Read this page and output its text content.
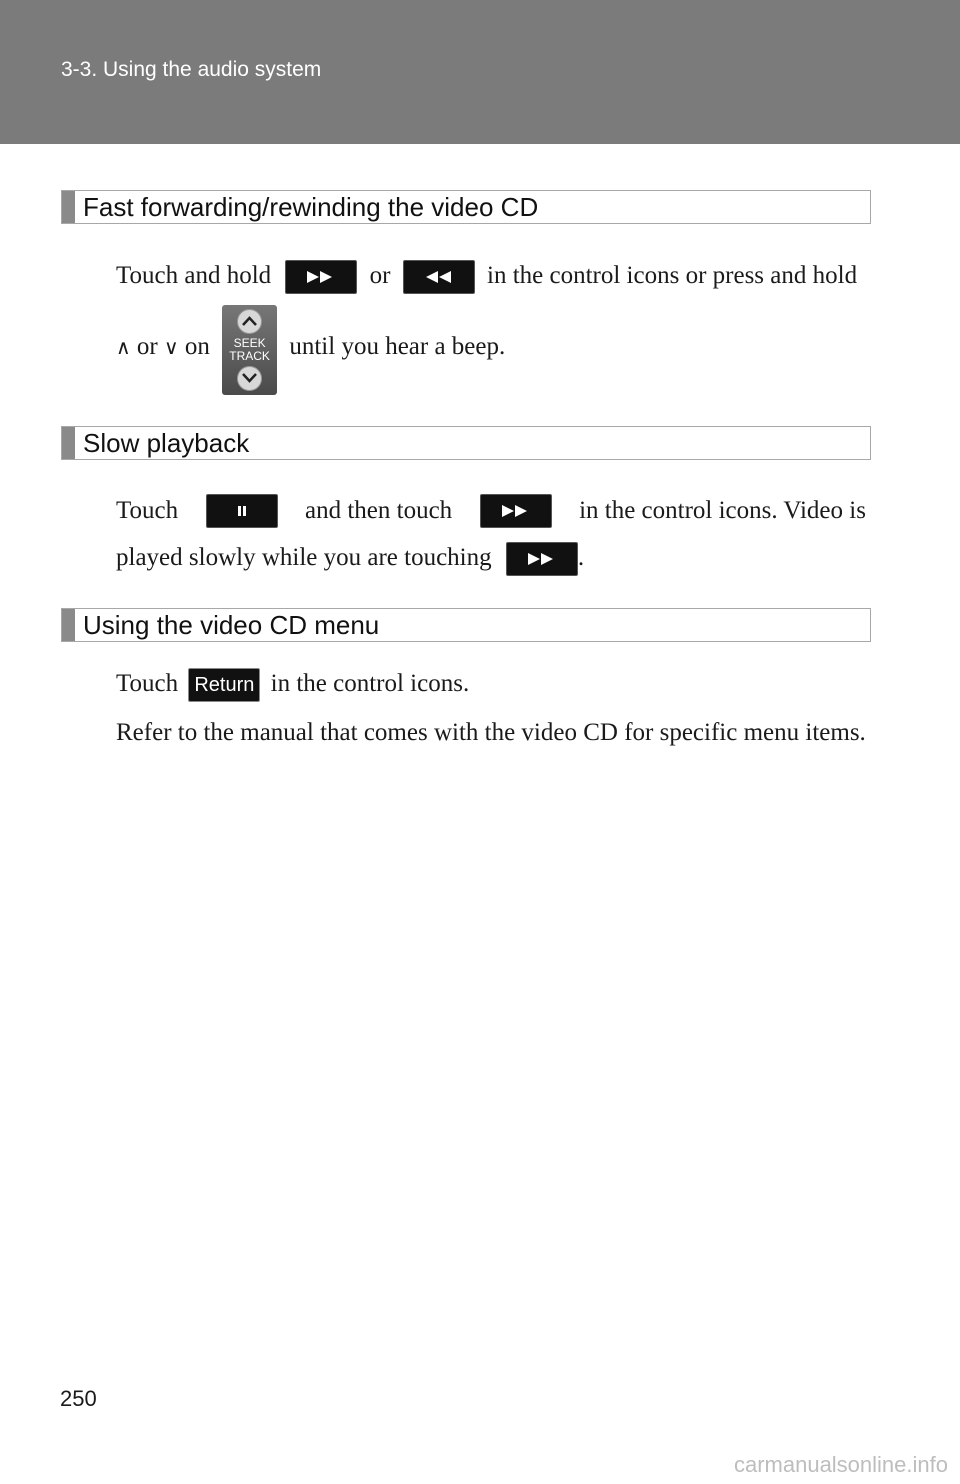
3-3. Using the audio system
Fast forwarding/rewinding the video CD
Touch and hold	or	in the control icons or press and hold
∧ or ∨ on	SEEK
TRACK until you hear a beep.
Slow playback
Touch	and then touch	in the control icons. Video is
played slowly while you are touching	.
Using the video CD menu
Touch Return in the control icons.
Refer to the manual that comes with the video CD for specific menu items.
250
carmanualsonline.info
